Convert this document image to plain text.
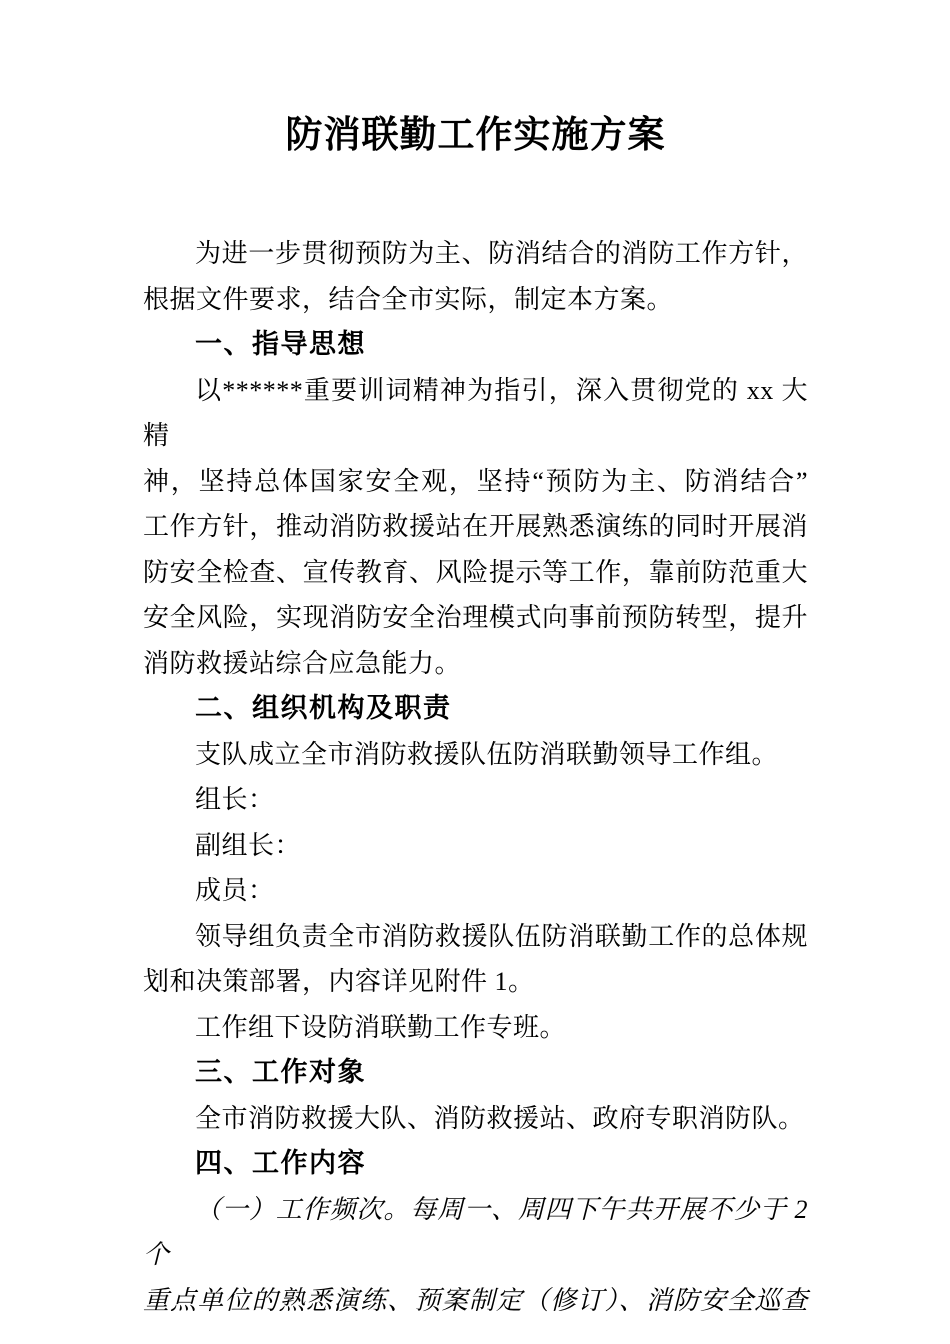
防消联勤工作实施方案
为进一步贯彻预防为主、防消结合的消防工作方针，
根据文件要求，结合全市实际，制定本方案。
一、指导思想
以******重要训词精神为指引，深入贯彻党的 xx 大精
神，坚持总体国家安全观，坚持“预防为主、防消结合”
工作方针，推动消防救援站在开展熟悉演练的同时开展消
防安全检查、宣传教育、风险提示等工作，靠前防范重大
安全风险，实现消防安全治理模式向事前预防转型，提升
消防救援站综合应急能力。
二、组织机构及职责
支队成立全市消防救援队伍防消联勤领导工作组。
组长：
副组长：
成员：
领导组负责全市消防救援队伍防消联勤工作的总体规
划和决策部署，内容详见附件 1。
工作组下设防消联勤工作专班。
三、工作对象
全市消防救援大队、消防救援站、政府专职消防队。
四、工作内容
（一）工作频次。每周一、周四下午共开展不少于 2 个
重点单位的熟悉演练、预案制定（修订）、消防安全巡查
